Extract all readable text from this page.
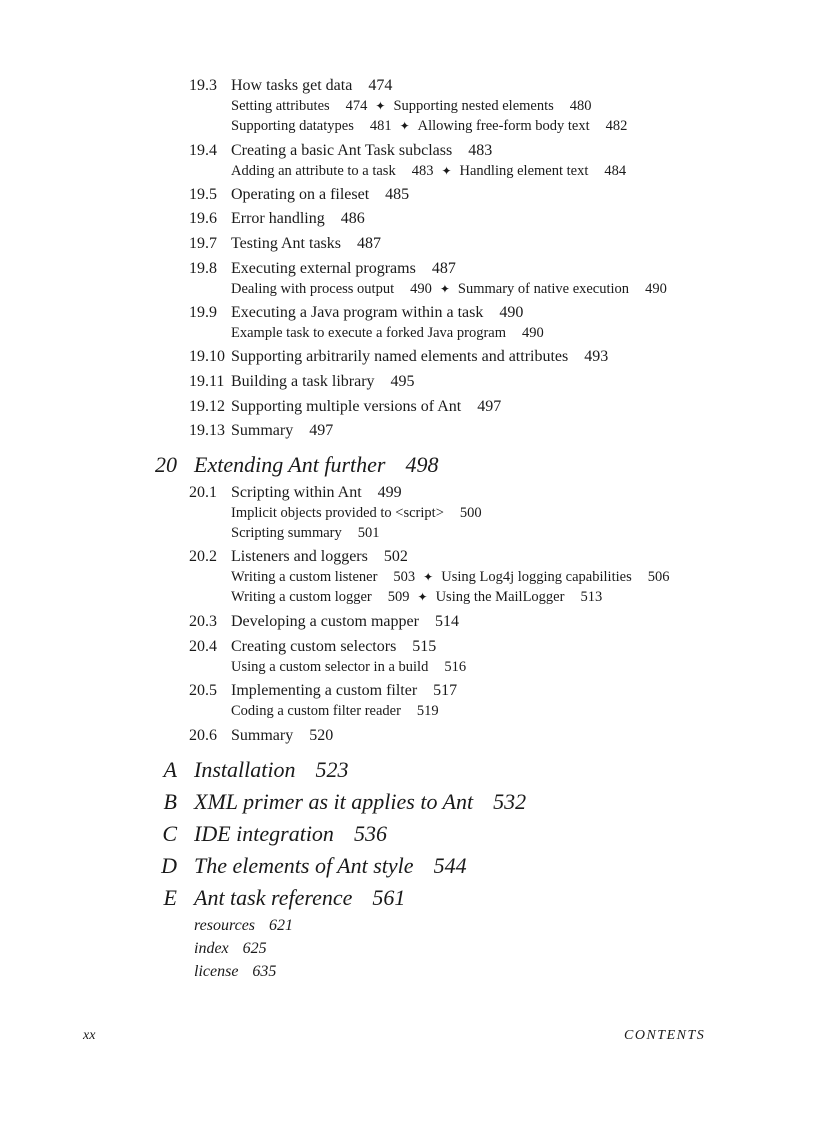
19.3 How tasks get data 474
Setting attributes 474 ✦ Supporting nested elements 480
Supporting datatypes 481 ✦ Allowing free-form body text 482
19.4 Creating a basic Ant Task subclass 483
Adding an attribute to a task 483 ✦ Handling element text 484
19.5 Operating on a fileset 485
19.6 Error handling 486
19.7 Testing Ant tasks 487
19.8 Executing external programs 487
Dealing with process output 490 ✦ Summary of native execution 490
19.9 Executing a Java program within a task 490
Example task to execute a forked Java program 490
19.10 Supporting arbitrarily named elements and attributes 493
19.11 Building a task library 495
19.12 Supporting multiple versions of Ant 497
19.13 Summary 497
20 Extending Ant further 498
20.1 Scripting within Ant 499
Implicit objects provided to <script> 500
Scripting summary 501
20.2 Listeners and loggers 502
Writing a custom listener 503 ✦ Using Log4j logging capabilities 506
Writing a custom logger 509 ✦ Using the MailLogger 513
20.3 Developing a custom mapper 514
20.4 Creating custom selectors 515
Using a custom selector in a build 516
20.5 Implementing a custom filter 517
Coding a custom filter reader 519
20.6 Summary 520
A Installation 523
B XML primer as it applies to Ant 532
C IDE integration 536
D The elements of Ant style 544
E Ant task reference 561
resources 621
index 625
license 635
xx	CONTENTS
